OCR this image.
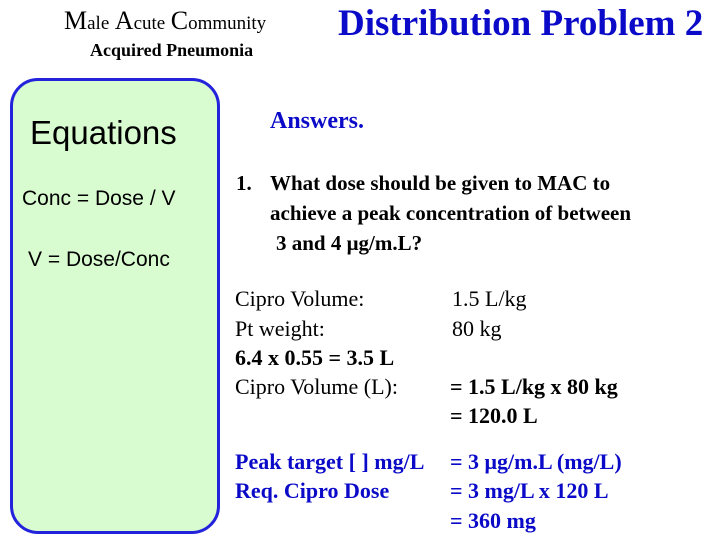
Male Acute Community
Acquired Pneumonia
Distribution Problem 2
Equations
Conc = Dose / V
V = Dose/Conc
Answers.
1. What dose should be given to MAC to
achieve a peak concentration of between
3 and 4 μg/m.L?
Cipro Volume:	1.5 L/kg
Pt weight:	80 kg
6.4 x 0.55 = 3.5 L
Cipro Volume (L): = 1.5 L/kg x 80 kg
= 120.0 L
Peak target [ ] mg/L = 3 μg/m.L (mg/L)
Req. Cipro Dose	= 3 mg/L x 120 L
= 360 mg
